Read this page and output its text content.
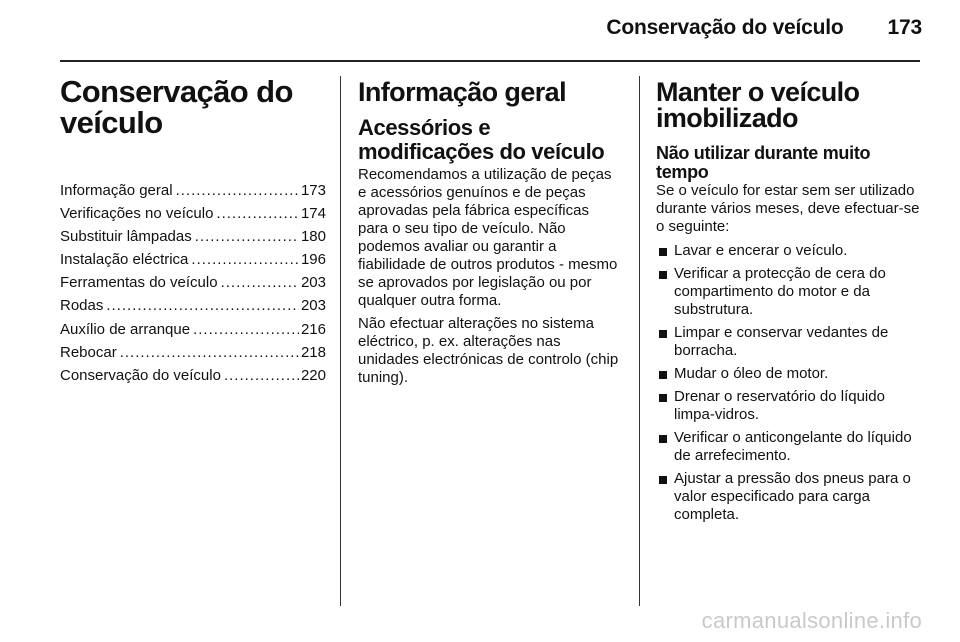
Conservação do veículo 173
Conservação do veículo
Informação geral .....	173
Verificações no veículo .....	174
Substituir lâmpadas .....	180
Instalação eléctrica .....	196
Ferramentas do veículo .....	203
Rodas .....	203
Auxílio de arranque .....	216
Rebocar .....	218
Conservação do veículo .....	220
Informação geral
Acessórios e modificações do veículo

Recomendamos a utilização de peças e acessórios genuínos e de peças aprovadas pela fábrica específicas para o seu tipo de veículo. Não podemos avaliar ou garantir a fiabilidade de outros produtos - mesmo se aprovados por legislação ou por qualquer outra forma.

Não efectuar alterações no sistema eléctrico, p. ex. alterações nas unidades electrónicas de controlo (chip tuning).

Manter o veículo imobilizado
Não utilizar durante muito tempo

Se o veículo for estar sem ser utilizado durante vários meses, deve efectuar-se o seguinte:

Lavar e encerar o veículo.
Verificar a protecção de cera do compartimento do motor e da substrutura.
Limpar e conservar vedantes de borracha.
Mudar o óleo de motor.
Drenar o reservatório do líquido limpa-vidros.
Verificar o anticongelante do líquido de arrefecimento.
Ajustar a pressão dos pneus para o valor especificado para carga completa.
carmanualsonline.info
